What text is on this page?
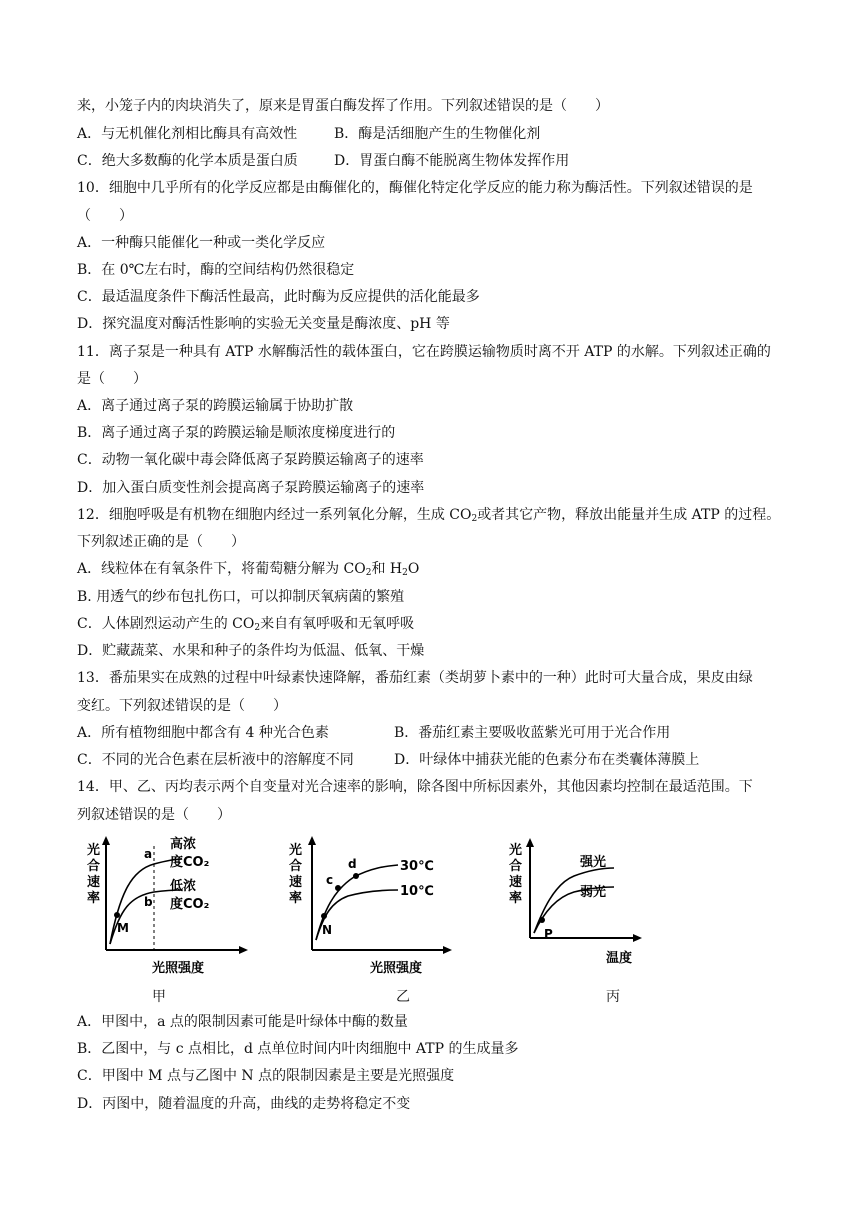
来，小笼子内的肉块消失了，原来是胃蛋白酶发挥了作用。下列叙述错误的是（　　）
A．与无机催化剂相比酶具有高效性	B．酶是活细胞产生的生物催化剂
C．绝大多数酶的化学本质是蛋白质	D．胃蛋白酶不能脱离生物体发挥作用
10．细胞中几乎所有的化学反应都是由酶催化的，酶催化特定化学反应的能力称为酶活性。下列叙述错误的是
（　　）
A．一种酶只能催化一种或一类化学反应
B．在 0℃左右时，酶的空间结构仍然很稳定
C．最适温度条件下酶活性最高，此时酶为反应提供的活化能最多
D．探究温度对酶活性影响的实验无关变量是酶浓度、pH 等
11．离子泵是一种具有 ATP 水解酶活性的载体蛋白，它在跨膜运输物质时离不开 ATP 的水解。下列叙述正确的
是（　　）
A．离子通过离子泵的跨膜运输属于协助扩散
B．离子通过离子泵的跨膜运输是顺浓度梯度进行的
C．动物一氧化碳中毒会降低离子泵跨膜运输离子的速率
D．加入蛋白质变性剂会提高离子泵跨膜运输离子的速率
12．细胞呼吸是有机物在细胞内经过一系列氧化分解，生成 $CO_2$或者其它产物，释放出能量并生成 ATP 的过程。
下列叙述正确的是（　　）
A．线粒体在有氧条件下，将葡萄糖分解为 $CO_2$和 $H_2O$
B. 用透气的纱布包扎伤口，可以抑制厌氧病菌的繁殖
C．人体剧烈运动产生的 $CO_2$来自有氧呼吸和无氧呼吸
D．贮藏蔬菜、水果和种子的条件均为低温、低氧、干燥
13．番茄果实在成熟的过程中叶绿素快速降解，番茄红素（类胡萝卜素中的一种）此时可大量合成，果皮由绿
变红。下列叙述错误的是（　　）
A．所有植物细胞中都含有 4 种光合色素	B．番茄红素主要吸收蓝紫光可用于光合作用
C．不同的光合色素在层析液中的溶解度不同	D．叶绿体中捕获光能的色素分布在类囊体薄膜上
14．甲、乙、丙均表示两个自变量对光合速率的影响，除各图中所标因素外，其他因素均控制在最适范围。下
列叙述错误的是（　　）
光
合
速
率
a
b
M
高浓
度CO₂
低浓
度CO₂
光照强度
甲
光
合
速
率
c
d
N
30℃
10℃
光照强度
乙
光
合
速
率
P
强光
弱光
温度
丙
A．甲图中，a 点的限制因素可能是叶绿体中酶的数量
B．乙图中，与 c 点相比，d 点单位时间内叶肉细胞中 ATP 的生成量多
C．甲图中 M 点与乙图中 N 点的限制因素是主要是光照强度
D．丙图中，随着温度的升高，曲线的走势将稳定不变
